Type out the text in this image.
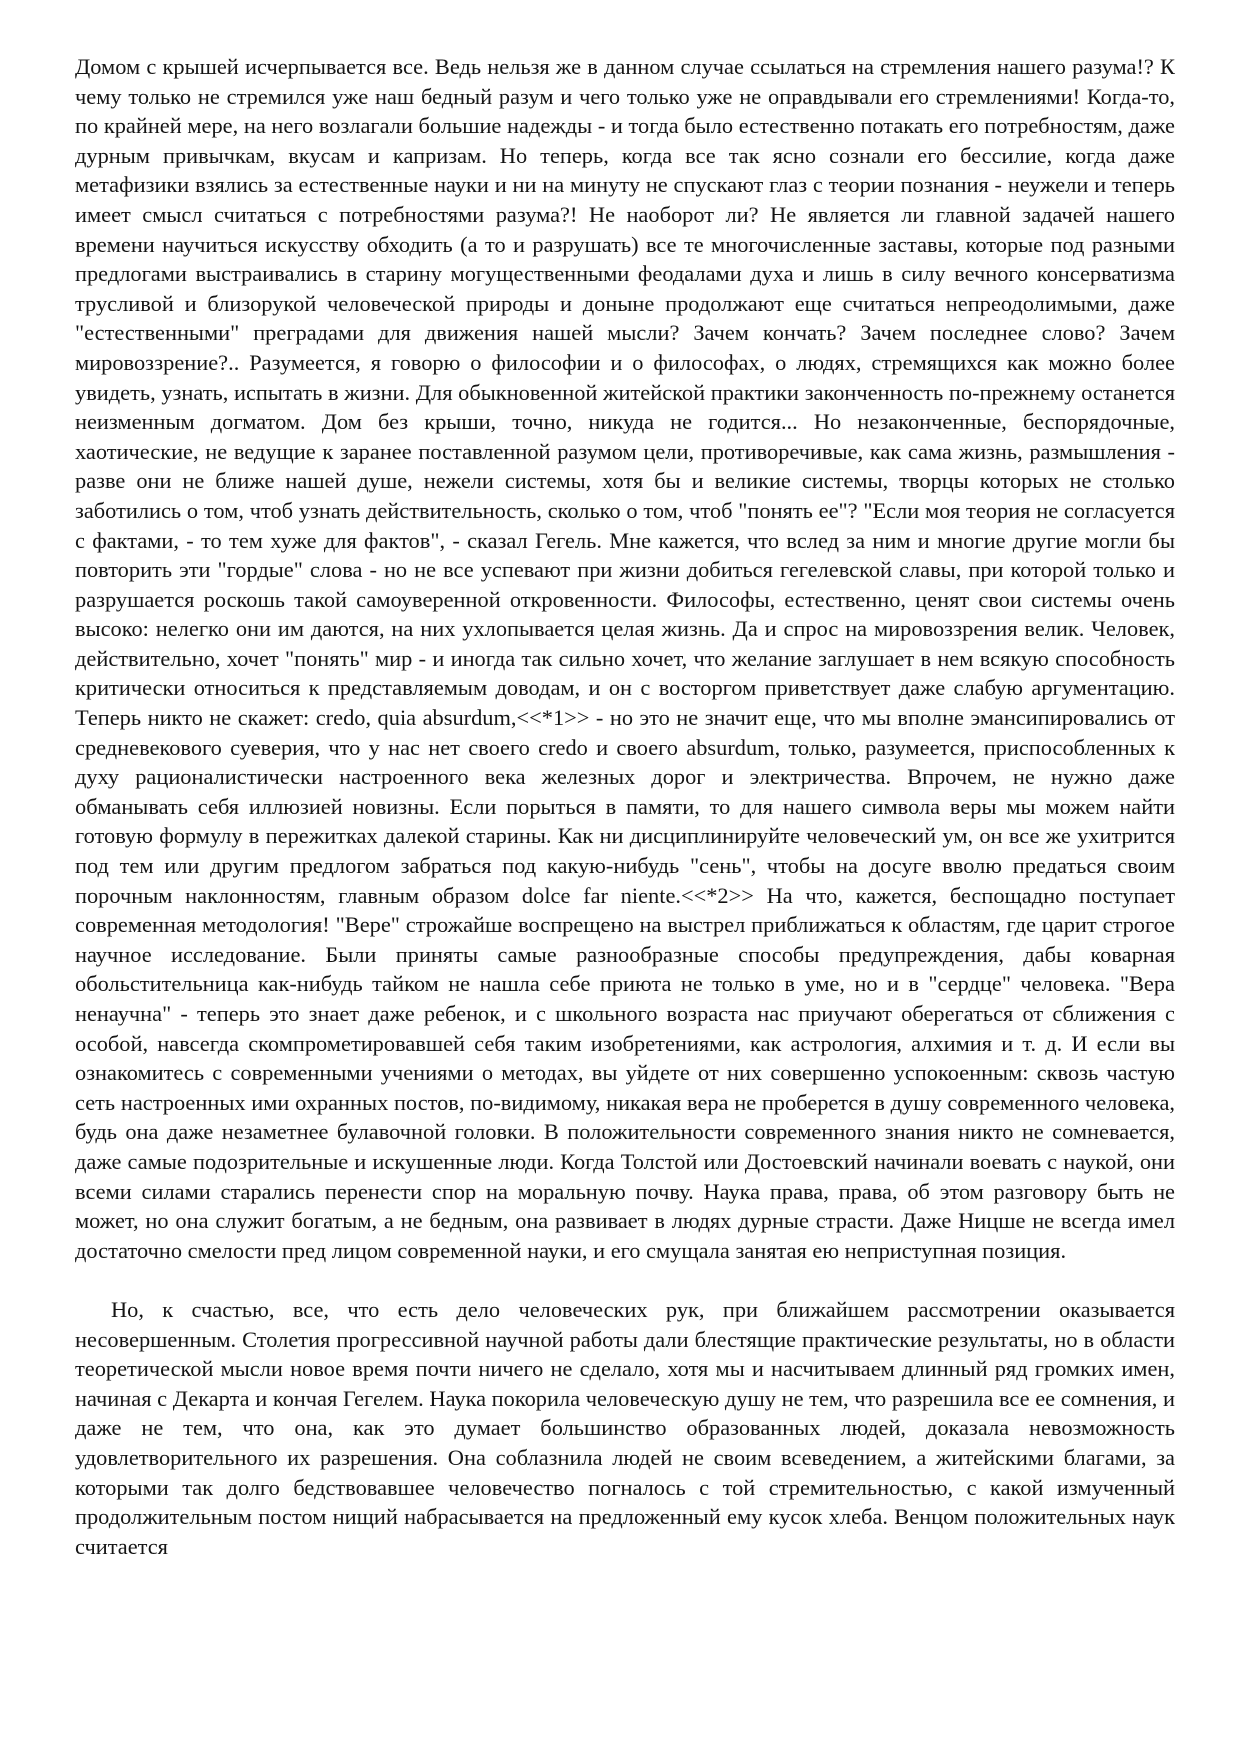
Домом с крышей исчерпывается все. Ведь нельзя же в данном случае ссылаться на стремления нашего разума!? К чему только не стремился уже наш бедный разум и чего только уже не оправдывали его стремлениями! Когда-то, по крайней мере, на него возлагали большие надежды - и тогда было естественно потакать его потребностям, даже дурным привычкам, вкусам и капризам. Но теперь, когда все так ясно сознали его бессилие, когда даже метафизики взялись за естественные науки и ни на минуту не спускают глаз с теории познания - неужели и теперь имеет смысл считаться с потребностями разума?! Не наоборот ли? Не является ли главной задачей нашего времени научиться искусству обходить (а то и разрушать) все те многочисленные заставы, которые под разными предлогами выстраивались в старину могущественными феодалами духа и лишь в силу вечного консерватизма трусливой и близорукой человеческой природы и доныне продолжают еще считаться непреодолимыми, даже "естественными" преградами для движения нашей мысли? Зачем кончать? Зачем последнее слово? Зачем мировоззрение?.. Разумеется, я говорю о философии и о философах, о людях, стремящихся как можно более увидеть, узнать, испытать в жизни. Для обыкновенной житейской практики законченность по-прежнему останется неизменным догматом. Дом без крыши, точно, никуда не годится... Но незаконченные, беспорядочные, хаотические, не ведущие к заранее поставленной разумом цели, противоречивые, как сама жизнь, размышления - разве они не ближе нашей душе, нежели системы, хотя бы и великие системы, творцы которых не столько заботились о том, чтоб узнать действительность, сколько о том, чтоб "понять ее"? "Если моя теория не согласуется с фактами, - то тем хуже для фактов", - сказал Гегель. Мне кажется, что вслед за ним и многие другие могли бы повторить эти "гордые" слова - но не все успевают при жизни добиться гегелевской славы, при которой только и разрушается роскошь такой самоуверенной откровенности. Философы, естественно, ценят свои системы очень высоко: нелегко они им даются, на них ухлопывается целая жизнь. Да и спрос на мировоззрения велик. Человек, действительно, хочет "понять" мир - и иногда так сильно хочет, что желание заглушает в нем всякую способность критически относиться к представляемым доводам, и он с восторгом приветствует даже слабую аргументацию. Теперь никто не скажет: credo, quia absurdum,<<*1>> - но это не значит еще, что мы вполне эмансипировались от средневекового суеверия, что у нас нет своего credo и своего absurdum, только, разумеется, приспособленных к духу рационалистически настроенного века железных дорог и электричества. Впрочем, не нужно даже обманывать себя иллюзией новизны. Если порыться в памяти, то для нашего символа веры мы можем найти готовую формулу в пережитках далекой старины. Как ни дисциплинируйте человеческий ум, он все же ухитрится под тем или другим предлогом забраться под какую-нибудь "сень", чтобы на досуге вволю предаться своим порочным наклонностям, главным образом dolce far niente.<<*2>> На что, кажется, беспощадно поступает современная методология! "Вере" строжайше воспрещено на выстрел приближаться к областям, где царит строгое научное исследование. Были приняты самые разнообразные способы предупреждения, дабы коварная обольстительница как-нибудь тайком не нашла себе приюта не только в уме, но и в "сердце" человека. "Вера ненаучна" - теперь это знает даже ребенок, и с школьного возраста нас приучают оберегаться от сближения с особой, навсегда скомпрометировавшей себя таким изобретениями, как астрология, алхимия и т. д. И если вы ознакомитесь с современными учениями о методах, вы уйдете от них совершенно успокоенным: сквозь частую сеть настроенных ими охранных постов, по-видимому, никакая вера не проберется в душу современного человека, будь она даже незаметнее булавочной головки. В положительности современного знания никто не сомневается, даже самые подозрительные и искушенные люди. Когда Толстой или Достоевский начинали воевать с наукой, они всеми силами старались перенести спор на моральную почву. Наука права, права, об этом разговору быть не может, но она служит богатым, а не бедным, она развивает в людях дурные страсти. Даже Ницше не всегда имел достаточно смелости пред лицом современной науки, и его смущала занятая ею неприступная позиция.

Но, к счастью, все, что есть дело человеческих рук, при ближайшем рассмотрении оказывается несовершенным. Столетия прогрессивной научной работы дали блестящие практические результаты, но в области теоретической мысли новое время почти ничего не сделало, хотя мы и насчитываем длинный ряд громких имен, начиная с Декарта и кончая Гегелем. Наука покорила человеческую душу не тем, что разрешила все ее сомнения, и даже не тем, что она, как это думает большинство образованных людей, доказала невозможность удовлетворительного их разрешения. Она соблазнила людей не своим всеведением, а житейскими благами, за которыми так долго бедствовавшее человечество погналось с той стремительностью, с какой измученный продолжительным постом нищий набрасывается на предложенный ему кусок хлеба. Венцом положительных наук считается
